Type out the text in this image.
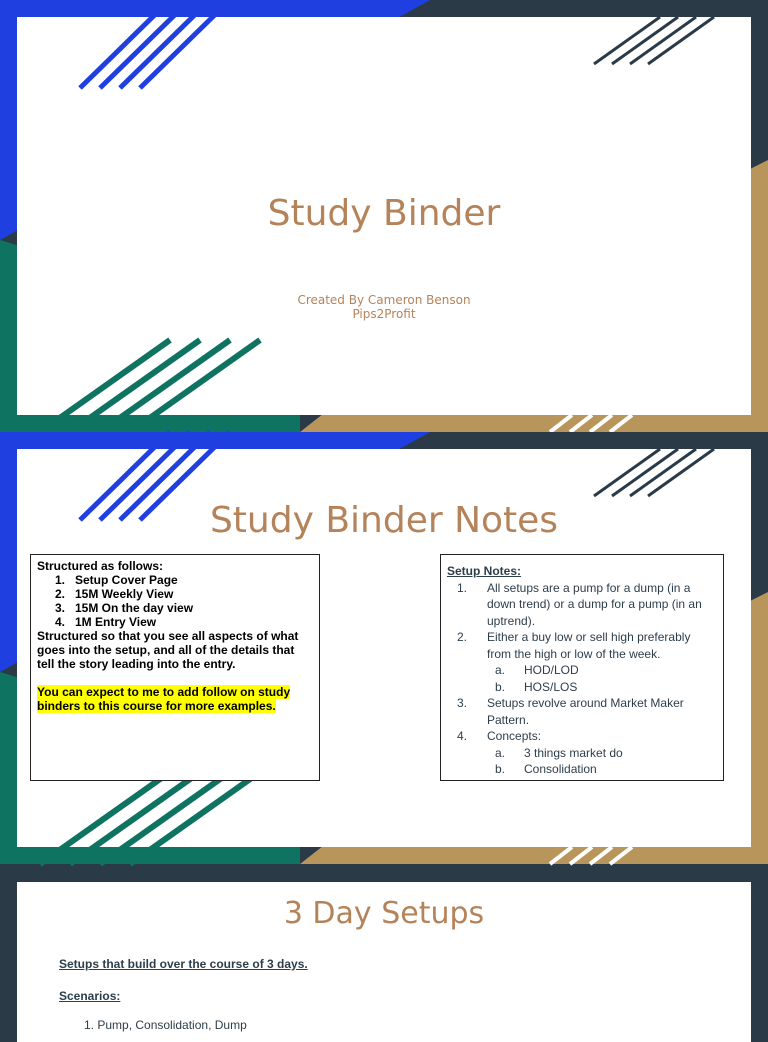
Study Binder
Created By Cameron Benson
Pips2Profit
Study Binder Notes
Structured as follows:
1. Setup Cover Page
2. 15M Weekly View
3. 15M On the day view
4. 1M Entry View
Structured so that you see all aspects of what goes into the setup, and all of the details that tell the story leading into the entry.
You can expect to me to add follow on study binders to this course for more examples.
Setup Notes:
1.	All setups are a pump for a dump (in a down trend) or a dump for a pump (in an uptrend).
2.	Either a buy low or sell high preferably from the high or low of the week.
a.	HOD/LOD
b.	HOS/LOS
3.	Setups revolve around Market Maker Pattern.
4.	Concepts:
a.	3 things market do
b.	Consolidation
3 Day Setups
Setups that build over the course of 3 days.
Scenarios:
1. Pump, Consolidation, Dump
